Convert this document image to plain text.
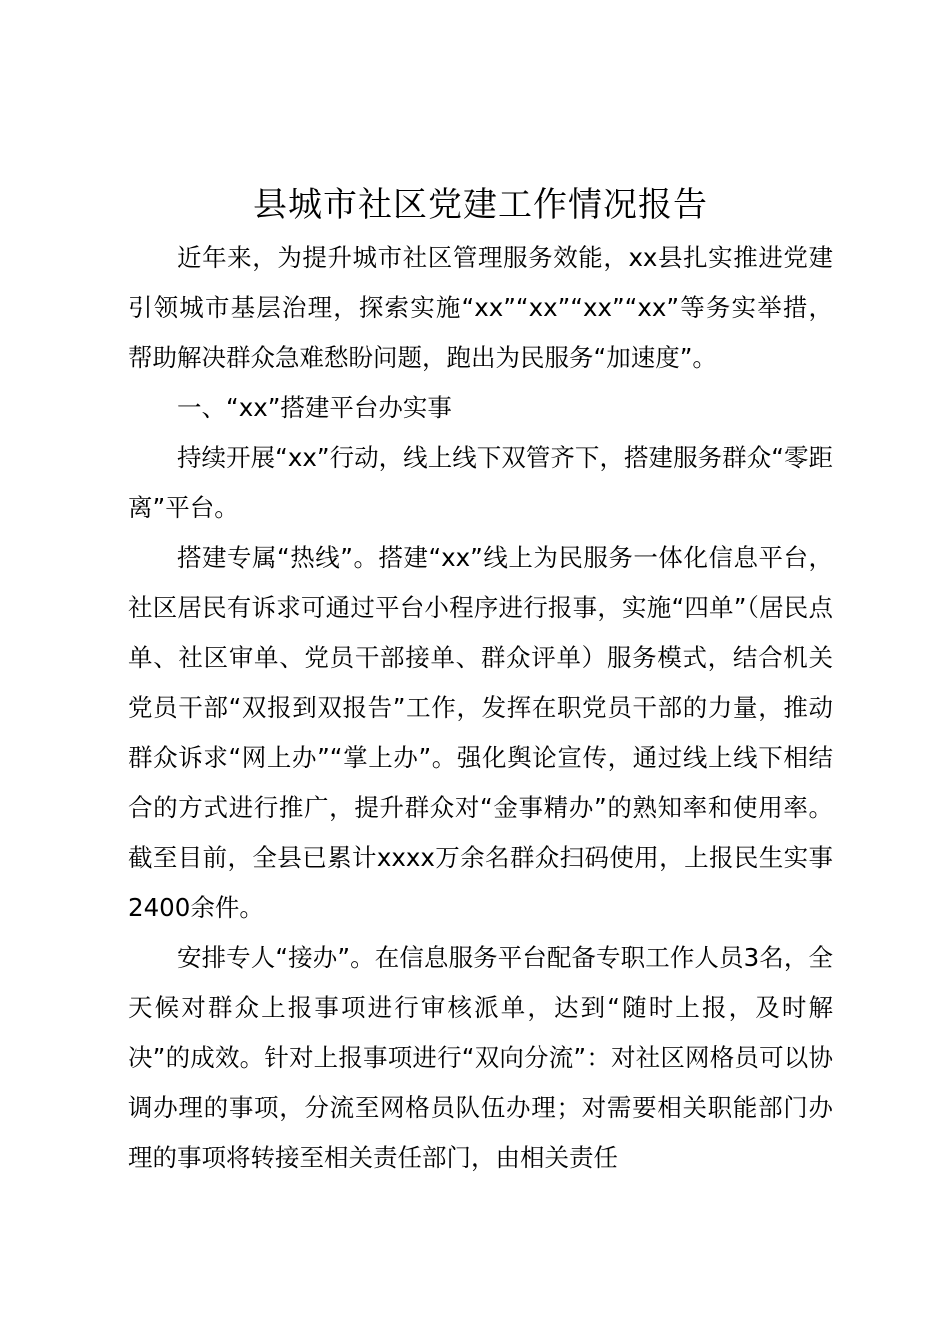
县城市社区党建工作情况报告

近年来，为提升城市社区管理服务效能，xx县扎实推进党建引领城市基层治理，探索实施“xx”“xx”“xx”“xx”等务实举措，帮助解决群众急难愁盼问题，跑出为民服务“加速度”。

一、“xx”搭建平台办实事

持续开展“xx”行动，线上线下双管齐下，搭建服务群众“零距离”平台。

搭建专属“热线”。搭建“xx”线上为民服务一体化信息平台，社区居民有诉求可通过平台小程序进行报事，实施“四单”（居民点单、社区审单、党员干部接单、群众评单）服务模式，结合机关党员干部“双报到双报告”工作，发挥在职党员干部的力量，推动群众诉求“网上办”“掌上办”。强化舆论宣传，通过线上线下相结合的方式进行推广，提升群众对“金事精办”的熟知率和使用率。截至目前，全县已累计xxxx万余名群众扫码使用，上报民生实事2400余件。

安排专人“接办”。在信息服务平台配备专职工作人员3名，全天候对群众上报事项进行审核派单，达到“随时上报，及时解决”的成效。针对上报事项进行“双向分流”：对社区网格员可以协调办理的事项，分流至网格员队伍办理；对需要相关职能部门办理的事项将转接至相关责任部门，由相关责任
